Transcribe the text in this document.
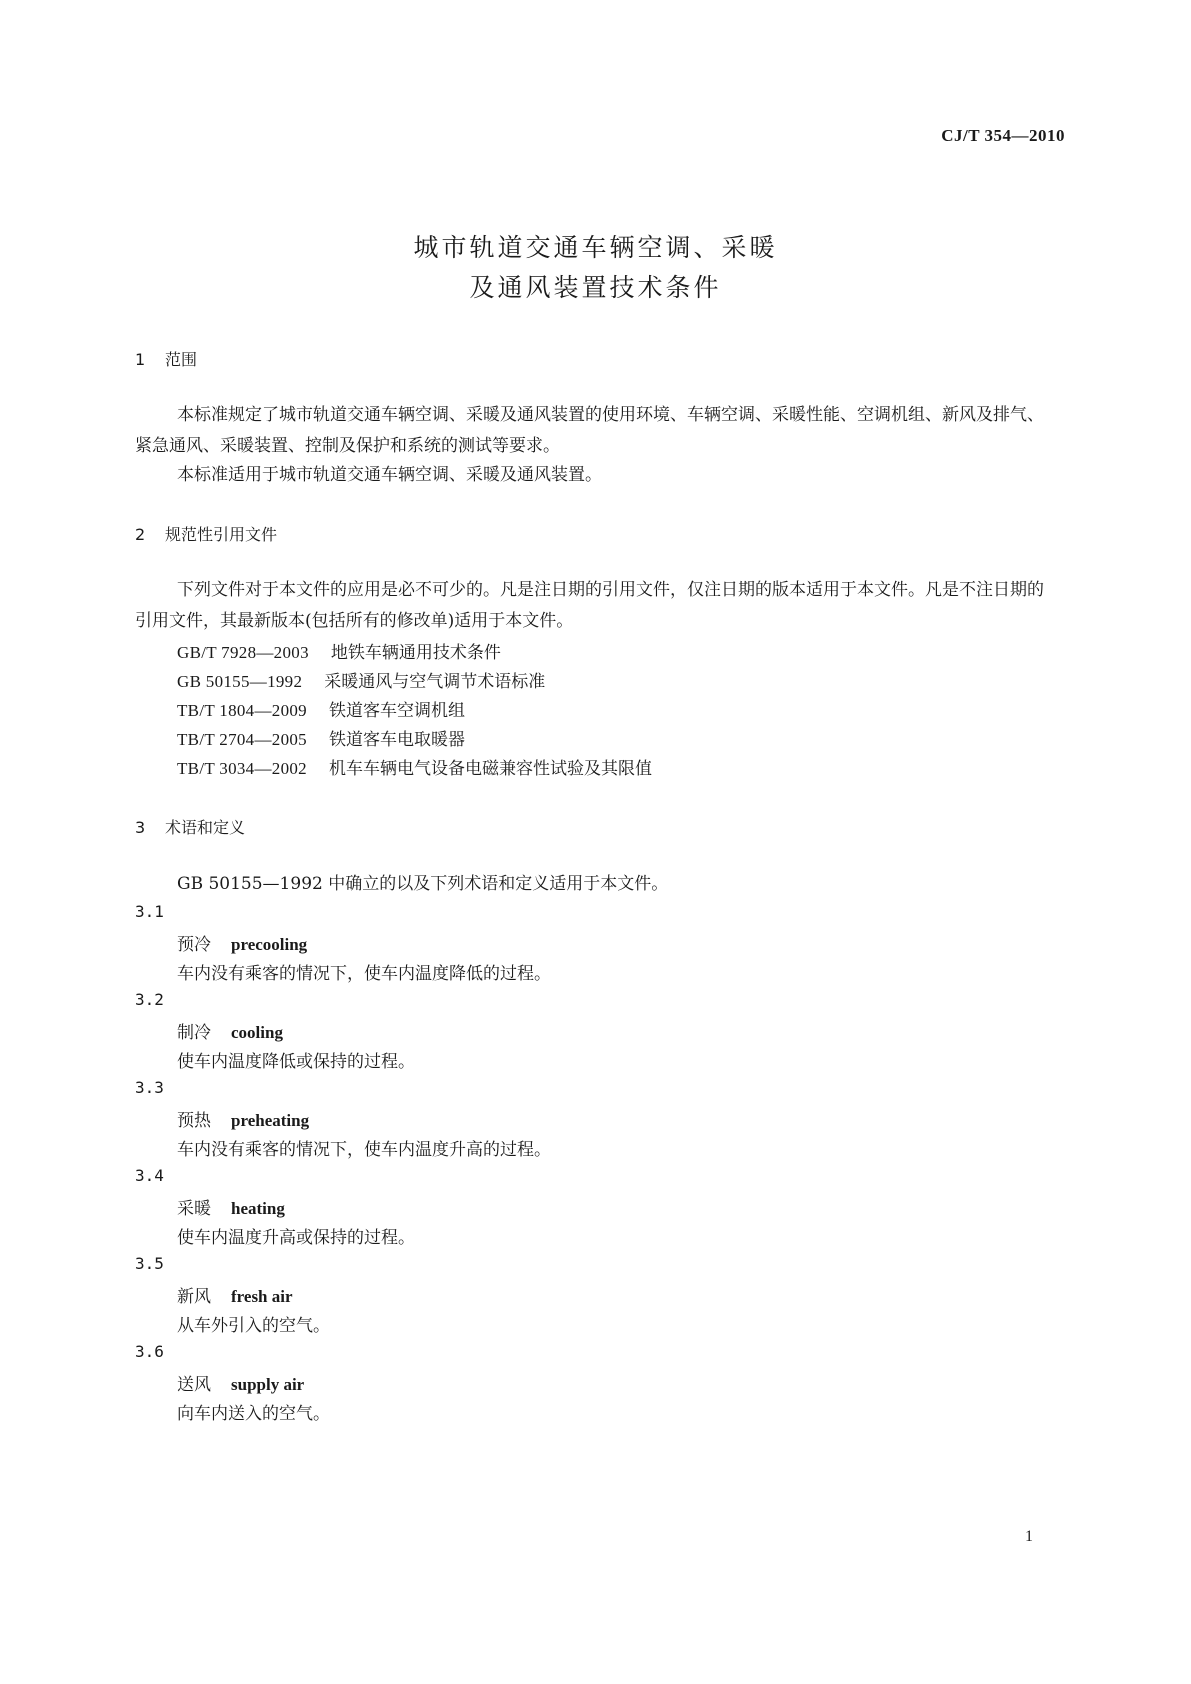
CJ/T 354—2010
城市轨道交通车辆空调、采暖
及通风装置技术条件
1 范围
本标准规定了城市轨道交通车辆空调、采暖及通风装置的使用环境、车辆空调、采暖性能、空调机组、新风及排气、紧急通风、采暖装置、控制及保护和系统的测试等要求。
本标准适用于城市轨道交通车辆空调、采暖及通风装置。
2 规范性引用文件
下列文件对于本文件的应用是必不可少的。凡是注日期的引用文件，仅注日期的版本适用于本文件。凡是不注日期的引用文件，其最新版本(包括所有的修改单)适用于本文件。
GB/T 7928—2003 地铁车辆通用技术条件
GB 50155—1992 采暖通风与空气调节术语标准
TB/T 1804—2009 铁道客车空调机组
TB/T 2704—2005 铁道客车电取暖器
TB/T 3034—2002 机车车辆电气设备电磁兼容性试验及其限值
3 术语和定义
GB 50155—1992 中确立的以及下列术语和定义适用于本文件。
3.1
预冷 precooling
车内没有乘客的情况下，使车内温度降低的过程。
3.2
制冷 cooling
使车内温度降低或保持的过程。
3.3
预热 preheating
车内没有乘客的情况下，使车内温度升高的过程。
3.4
采暖 heating
使车内温度升高或保持的过程。
3.5
新风 fresh air
从车外引入的空气。
3.6
送风 supply air
向车内送入的空气。
1
